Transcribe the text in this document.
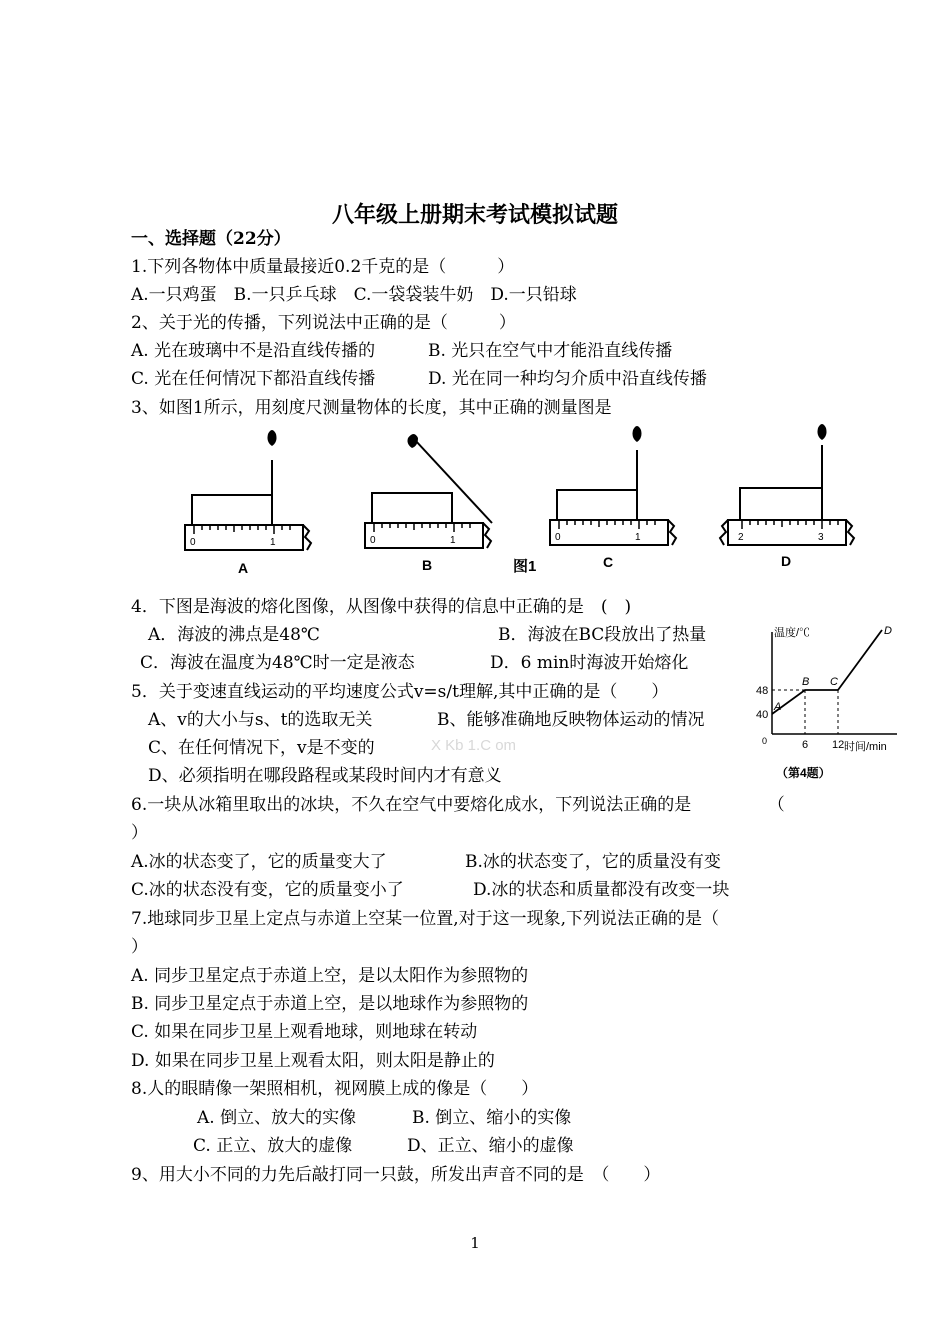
八年级上册期末考试模拟试题
一、选择题（22分）
1.下列各物体中质量最接近0.2千克的是（　　　）
A.一只鸡蛋　B.一只乒乓球　C.一袋袋装牛奶　D.一只铅球
2、关于光的传播，下列说法中正确的是（　　　）
A. 光在玻璃中不是沿直线传播的	B. 光只在空气中才能沿直线传播
C. 光在任何情况下都沿直线传播	D. 光在同一种均匀介质中沿直线传播
3、如图1所示，用刻度尺测量物体的长度，其中正确的测量图是
0	1
A
0	1
B	图1
0	1
C
2	3
D
4．下图是海波的熔化图像，从图像中获得的信息中正确的是　(　)
A．海波的沸点是48℃	B．海波在BC段放出了热量
C．海波在温度为48℃时一定是液态	D．6 min时海波开始熔化
温度/℃
时间/min
48
40
0	6 12
A
B C
D
（第4题）
5．关于变速直线运动的平均速度公式v=s/t理解,其中正确的是（　　）
A、v的大小与s、t的选取无关	B、能够准确地反映物体运动的情况
C、在任何情况下，v是不变的	X Kb 1.C om
D、必须指明在哪段路程或某段时间内才有意义
6.一块从冰箱里取出的冰块，不久在空气中要熔化成水，下列说法正确的是　　　　　（
）
A.冰的状态变了，它的质量变大了	B.冰的状态变了，它的质量没有变
C.冰的状态没有变，它的质量变小了	D.冰的状态和质量都没有改变一块
7.地球同步卫星上定点与赤道上空某一位置,对于这一现象,下列说法正确的是（
）
A. 同步卫星定点于赤道上空，是以太阳作为参照物的
B. 同步卫星定点于赤道上空，是以地球作为参照物的
C. 如果在同步卫星上观看地球，则地球在转动
D. 如果在同步卫星上观看太阳，则太阳是静止的
8.人的眼睛像一架照相机，视网膜上成的像是（　　）
A. 倒立、放大的实像	B. 倒立、缩小的实像
C. 正立、放大的虚像	D、正立、缩小的虚像
9、用大小不同的力先后敲打同一只鼓，所发出声音不同的是　（　　）
1
